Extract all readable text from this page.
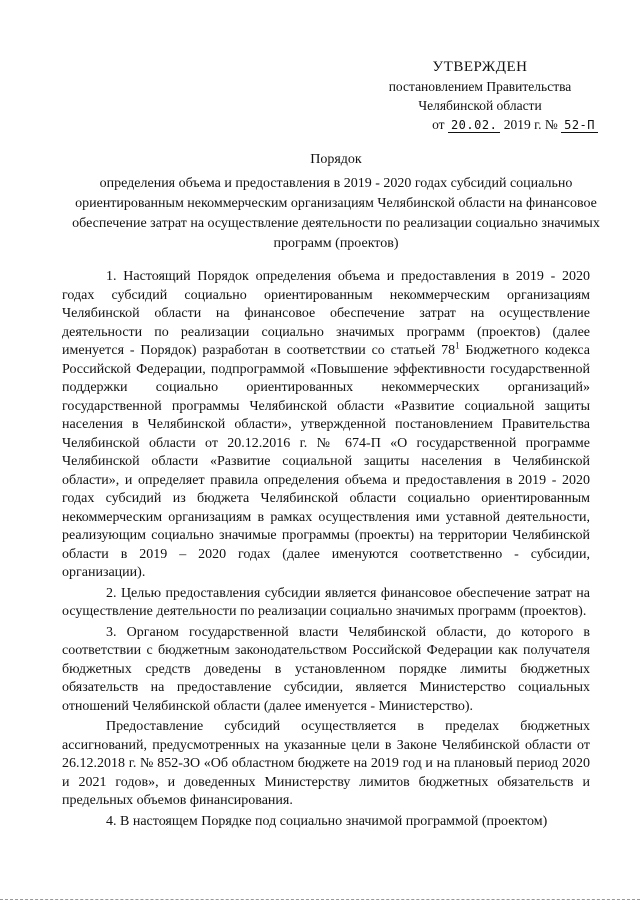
УТВЕРЖДЕН
постановлением Правительства
Челябинской области
от 20.02. 2019 г. № 52-П
Порядок
определения объема и предоставления в 2019 - 2020 годах субсидий социально ориентированным некоммерческим организациям Челябинской области на финансовое обеспечение затрат на осуществление деятельности по реализации социально значимых программ (проектов)

1. Настоящий Порядок определения объема и предоставления в 2019 - 2020 годах субсидий социально ориентированным некоммерческим организациям Челябинской области на финансовое обеспечение затрат на осуществление деятельности по реализации социально значимых программ (проектов) (далее именуется - Порядок) разработан в соответствии со статьей $78^1$ Бюджетного кодекса Российской Федерации, подпрограммой «Повышение эффективности государственной поддержки социально ориентированных некоммерческих организаций» государственной программы Челябинской области «Развитие социальной защиты населения в Челябинской области», утвержденной постановлением Правительства Челябинской области от 20.12.2016 г. № 674-П «О государственной программе Челябинской области «Развитие социальной защиты населения в Челябинской области», и определяет правила определения объема и предоставления в 2019 - 2020 годах субсидий из бюджета Челябинской области социально ориентированным некоммерческим организациям в рамках осуществления ими уставной деятельности, реализующим социально значимые программы (проекты) на территории Челябинской области в 2019 – 2020 годах (далее именуются соответственно - субсидии, организации).

2. Целью предоставления субсидии является финансовое обеспечение затрат на осуществление деятельности по реализации социально значимых программ (проектов).

3. Органом государственной власти Челябинской области, до которого в соответствии с бюджетным законодательством Российской Федерации как получателя бюджетных средств доведены в установленном порядке лимиты бюджетных обязательств на предоставление субсидии, является Министерство социальных отношений Челябинской области (далее именуется - Министерство).

Предоставление субсидий осуществляется в пределах бюджетных ассигнований, предусмотренных на указанные цели в Законе Челябинской области от 26.12.2018 г. № 852-ЗО «Об областном бюджете на 2019 год и на плановый период 2020 и 2021 годов», и доведенных Министерству лимитов бюджетных обязательств и предельных объемов финансирования.

4. В настоящем Порядке под социально значимой программой (проектом)
